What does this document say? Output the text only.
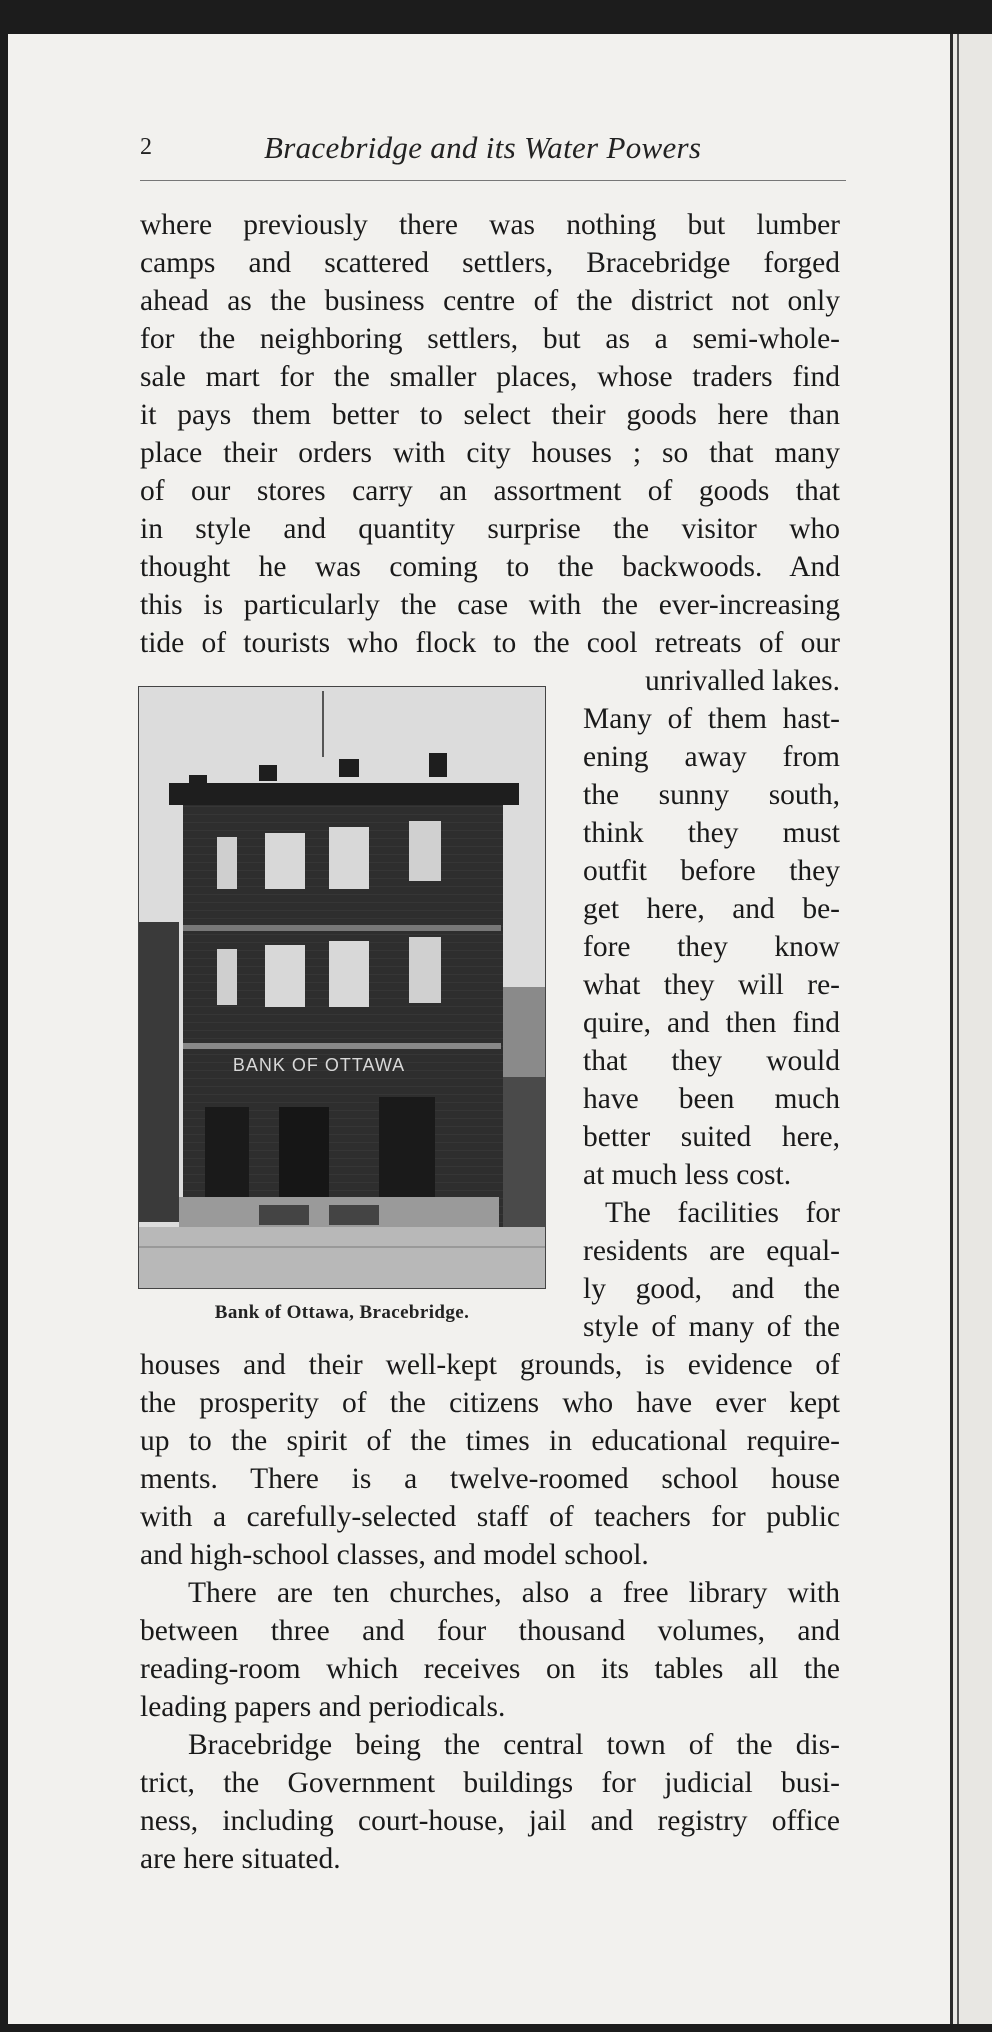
2	Bracebridge and its Water Powers
where previously there was nothing but lumber
camps and scattered settlers, Bracebridge forged
ahead as the business centre of the district not only
for the neighboring settlers, but as a semi-whole-
sale mart for the smaller places, whose traders find
it pays them better to select their goods here than
place their orders with city houses ; so that many
of our stores carry an assortment of goods that
in style and quantity surprise the visitor who
thought he was coming to the backwoods. And
this is particularly the case with the ever-increasing
tide of tourists who flock to the cool retreats of our
unrivalled lakes.
Many of them hast-
ening away from
the sunny south,
think they must
outfit before they
get here, and be-
fore they know
what they will re-
quire, and then find
that they would
have been much
better suited here,
at much less cost.
The facilities for
residents are equal-
ly good, and the
style of many of the
houses and their well-kept grounds, is evidence of
the prosperity of the citizens who have ever kept
up to the spirit of the times in educational require-
ments. There is a twelve-roomed school house
with a carefully-selected staff of teachers for public
and high-school classes, and model school.
There are ten churches, also a free library with
between three and four thousand volumes, and
reading-room which receives on its tables all the
leading papers and periodicals.
Bracebridge being the central town of the dis-
trict, the Government buildings for judicial busi-
ness, including court-house, jail and registry office
are here situated.
BANK OF OTTAWA
Bank of Ottawa, Bracebridge.
